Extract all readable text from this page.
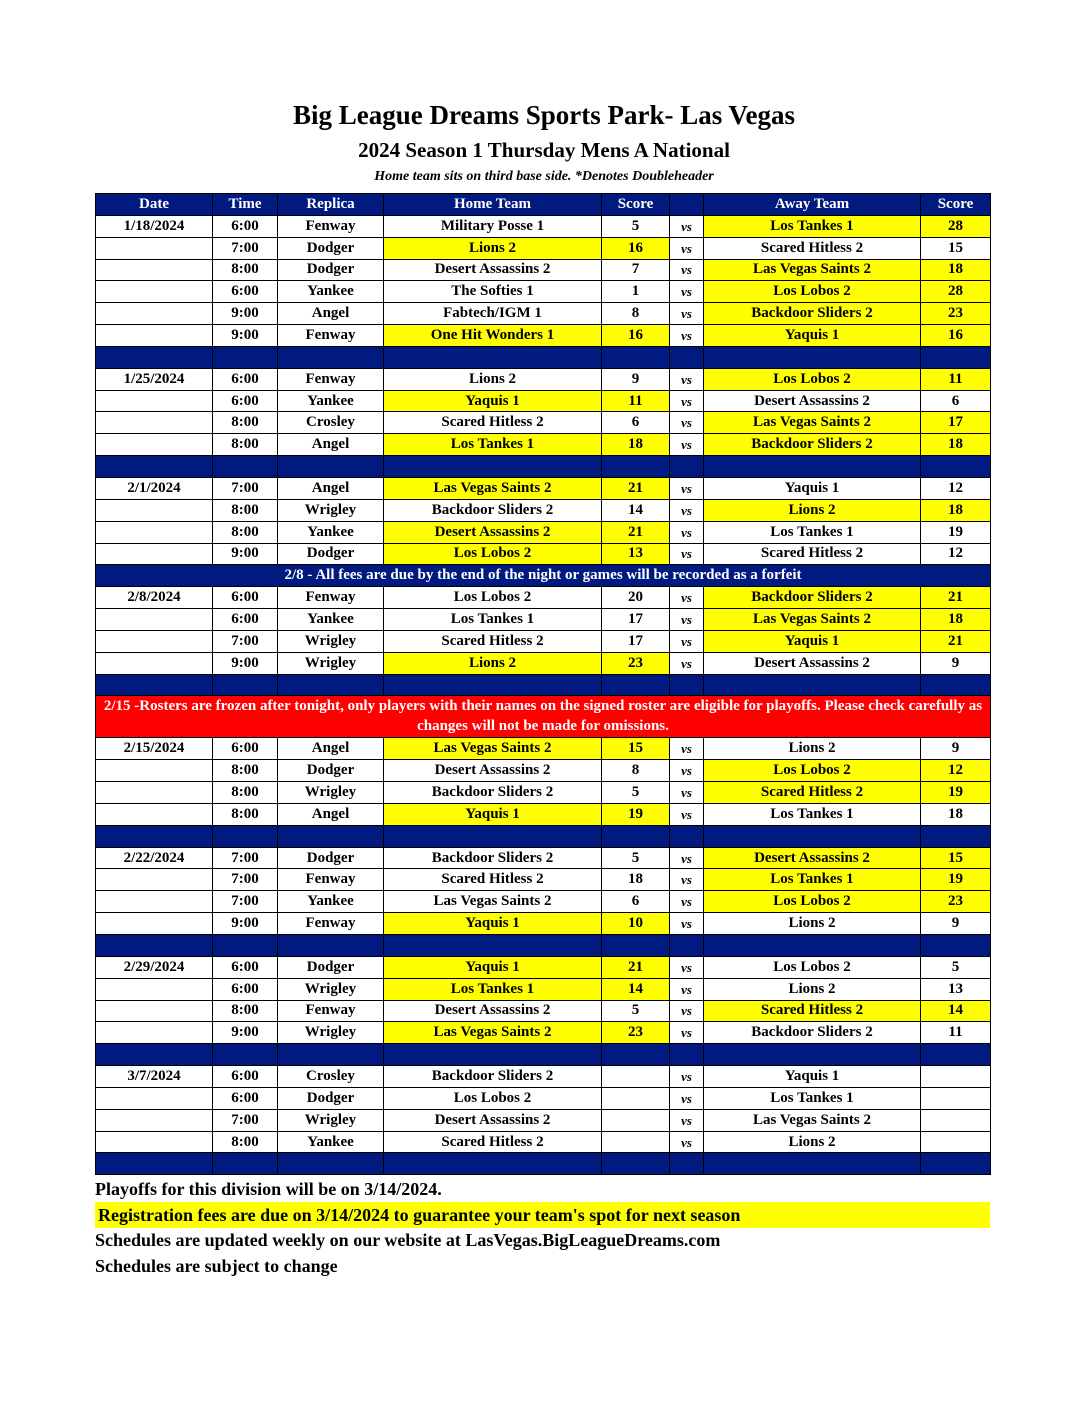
Big League Dreams Sports Park- Las Vegas
2024 Season 1 Thursday Mens A National
Home team sits on third base side. *Denotes Doubleheader
Date	Time	Replica	Home Team	Score		Away Team	Score
1/18/2024	6:00	Fenway	Military Posse 1	5	vs	Los Tankes 1	28
	7:00	Dodger	Lions 2	16	vs	Scared Hitless 2	15
	8:00	Dodger	Desert Assassins 2	7	vs	Las Vegas Saints 2	18
	6:00	Yankee	The Softies 1	1	vs	Los Lobos 2	28
	9:00	Angel	Fabtech/IGM 1	8	vs	Backdoor Sliders 2	23
	9:00	Fenway	One Hit Wonders 1	16	vs	Yaquis 1	16

1/25/2024	6:00	Fenway	Lions 2	9	vs	Los Lobos 2	11
	6:00	Yankee	Yaquis 1	11	vs	Desert Assassins 2	6
	8:00	Crosley	Scared Hitless 2	6	vs	Las Vegas Saints 2	17
	8:00	Angel	Los Tankes 1	18	vs	Backdoor Sliders 2	18

2/1/2024	7:00	Angel	Las Vegas Saints 2	21	vs	Yaquis 1	12
	8:00	Wrigley	Backdoor Sliders 2	14	vs	Lions 2	18
	8:00	Yankee	Desert Assassins 2	21	vs	Los Tankes 1	19
	9:00	Dodger	Los Lobos 2	13	vs	Scared Hitless 2	12
2/8 - All fees are due by the end of the night or games will be recorded as a forfeit							
2/8/2024	6:00	Fenway	Los Lobos 2	20	vs	Backdoor Sliders 2	21
	6:00	Yankee	Los Tankes 1	17	vs	Las Vegas Saints 2	18
	7:00	Wrigley	Scared Hitless 2	17	vs	Yaquis 1	21
	9:00	Wrigley	Lions 2	23	vs	Desert Assassins 2	9

2/15 -Rosters are frozen after tonight, only players with their names on the signed roster are eligible for playoffs. Please check carefully as changes will not be made for omissions.							
2/15/2024	6:00	Angel	Las Vegas Saints 2	15	vs	Lions 2	9
	8:00	Dodger	Desert Assassins 2	8	vs	Los Lobos 2	12
	8:00	Wrigley	Backdoor Sliders 2	5	vs	Scared Hitless 2	19
	8:00	Angel	Yaquis 1	19	vs	Los Tankes 1	18

2/22/2024	7:00	Dodger	Backdoor Sliders 2	5	vs	Desert Assassins 2	15
	7:00	Fenway	Scared Hitless 2	18	vs	Los Tankes 1	19
	7:00	Yankee	Las Vegas Saints 2	6	vs	Los Lobos 2	23
	9:00	Fenway	Yaquis 1	10	vs	Lions 2	9

2/29/2024	6:00	Dodger	Yaquis 1	21	vs	Los Lobos 2	5
	6:00	Wrigley	Los Tankes 1	14	vs	Lions 2	13
	8:00	Fenway	Desert Assassins 2	5	vs	Scared Hitless 2	14
	9:00	Wrigley	Las Vegas Saints 2	23	vs	Backdoor Sliders 2	11

3/7/2024	6:00	Crosley	Backdoor Sliders 2		vs	Yaquis 1	
	6:00	Dodger	Los Lobos 2		vs	Los Tankes 1	
	7:00	Wrigley	Desert Assassins 2		vs	Las Vegas Saints 2	
	8:00	Yankee	Scared Hitless 2		vs	Lions 2	

Playoffs for this division will be on 3/14/2024.
Registration fees are due on 3/14/2024 to guarantee your team's spot for next season
Schedules are updated weekly on our website at LasVegas.BigLeagueDreams.com
Schedules are subject to change
